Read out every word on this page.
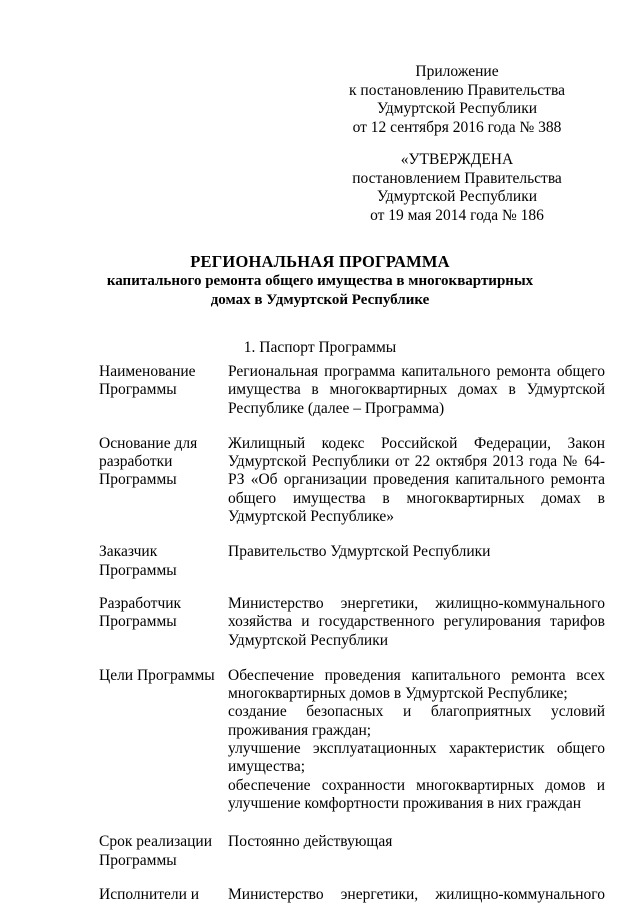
Приложение
к постановлению Правительства
Удмуртской Республики
от 12 сентября 2016 года № 388
«УТВЕРЖДЕНА
постановлением Правительства
Удмуртской Республики
от 19 мая 2014 года № 186
РЕГИОНАЛЬНАЯ ПРОГРАММА
капитального ремонта общего имущества в многоквартирных
домах в Удмуртской Республике
1. Паспорт Программы
Наименование Программы
Региональная программа капитального ремонта общего имущества в многоквартирных домах в Удмуртской Республике (далее – Программа)
Основание для разработки Программы
Жилищный кодекс Российской Федерации, Закон Удмуртской Республики от 22 октября 2013 года № 64-РЗ «Об организации проведения капитального ремонта общего имущества в многоквартирных домах в Удмуртской Республике»
Заказчик Программы
Правительство Удмуртской Республики
Разработчик Программы
Министерство энергетики, жилищно-коммунального хозяйства и государственного регулирования тарифов Удмуртской Республики
Цели Программы Обеспечение проведения капитального ремонта всех многоквартирных домов в Удмуртской Республике;
создание безопасных и благоприятных условий проживания граждан;
улучшение эксплуатационных характеристик общего имущества;
обеспечение сохранности многоквартирных домов и улучшение комфортности проживания в них граждан
Срок реализации Программы
Постоянно действующая
Исполнители и	Министерство энергетики, жилищно-коммунального
